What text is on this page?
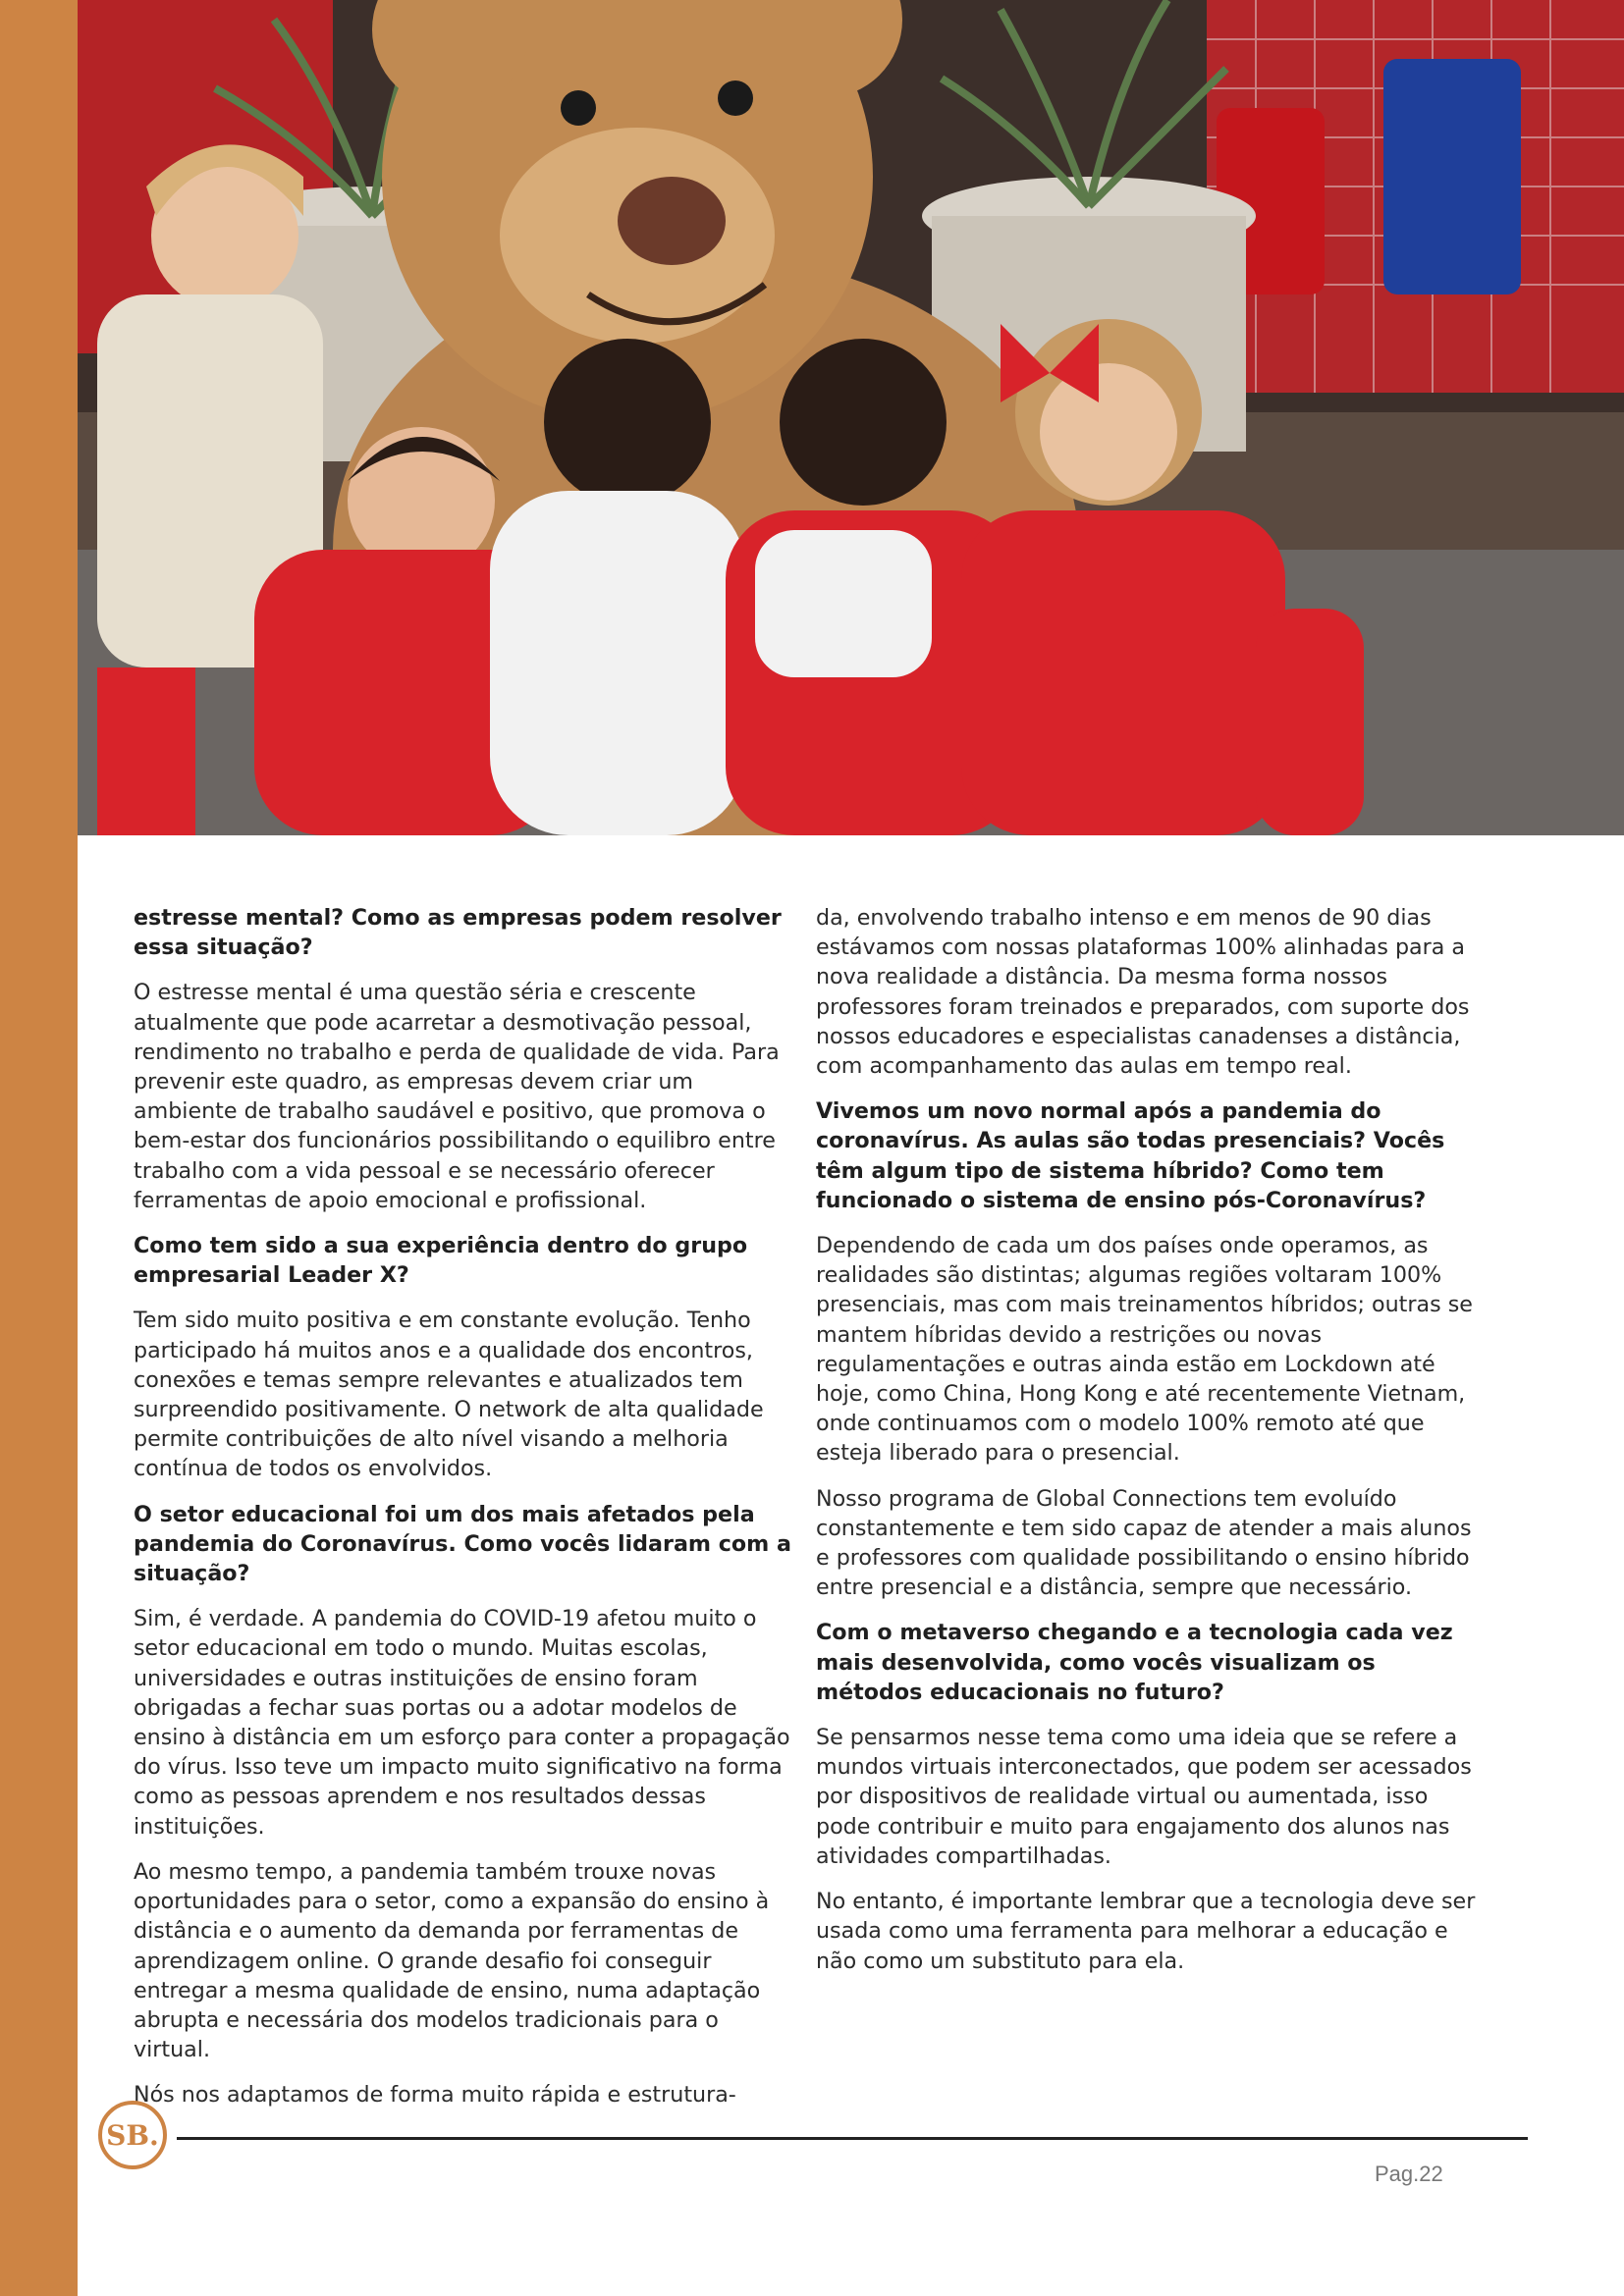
estresse mental? Como as empresas podem resolver essa situação?

O estresse mental é uma questão séria e crescente atualmente que pode acarretar a desmotivação pessoal, rendimento no trabalho e perda de qualidade de vida. Para prevenir este quadro, as empresas devem criar um ambiente de trabalho saudável e positivo, que promova o bem-estar dos funcionários possibilitando o equilibro entre trabalho com a vida pessoal e se necessário oferecer ferramentas de apoio emocional e profissional.

Como tem sido a sua experiência dentro do grupo empresarial Leader X?

Tem sido muito positiva e em constante evolução. Tenho participado há muitos anos e a qualidade dos encontros, conexões e temas sempre relevantes e atualizados tem surpreendido positivamente. O network de alta qualidade permite contribuições de alto nível visando a melhoria contínua de todos os envolvidos.

O setor educacional foi um dos mais afetados pela pandemia do Coronavírus. Como vocês lidaram com a situação?

Sim, é verdade. A pandemia do COVID-19 afetou muito o setor educacional em todo o mundo. Muitas escolas, universidades e outras instituições de ensino foram obrigadas a fechar suas portas ou a adotar modelos de ensino à distância em um esforço para conter a propagação do vírus. Isso teve um impacto muito significativo na forma como as pessoas aprendem e nos resultados dessas instituições.

Ao mesmo tempo, a pandemia também trouxe novas oportunidades para o setor, como a expansão do ensino à distância e o aumento da demanda por ferramentas de aprendizagem online. O grande desafio foi conseguir entregar a mesma qualidade de ensino, numa adaptação abrupta e necessária dos modelos tradicionais para o virtual.

Nós nos adaptamos de forma muito rápida e estrutura-

da, envolvendo trabalho intenso e em menos de 90 dias estávamos com nossas plataformas 100% alinhadas para a nova realidade a distância. Da mesma forma nossos professores foram treinados e preparados, com suporte dos nossos educadores e especialistas canadenses a distância, com acompanhamento das aulas em tempo real.

Vivemos um novo normal após a pandemia do coronavírus. As aulas são todas presenciais? Vocês têm algum tipo de sistema híbrido? Como tem funcionado o sistema de ensino pós-Coronavírus?

Dependendo de cada um dos países onde operamos, as realidades são distintas; algumas regiões voltaram 100% presenciais, mas com mais treinamentos híbridos; outras se mantem híbridas devido a restrições ou novas regulamentações e outras ainda estão em Lockdown até hoje, como China, Hong Kong e até recentemente Vietnam, onde continuamos com o modelo 100% remoto até que esteja liberado para o presencial.

Nosso programa de Global Connections tem evoluído constantemente e tem sido capaz de atender a mais alunos e professores com qualidade possibilitando o ensino híbrido entre presencial e a distância, sempre que necessário.

Com o metaverso chegando e a tecnologia cada vez mais desenvolvida, como vocês visualizam os métodos educacionais no futuro?

Se pensarmos nesse tema como uma ideia que se refere a mundos virtuais interconectados, que podem ser acessados por dispositivos de realidade virtual ou aumentada, isso pode contribuir e muito para engajamento dos alunos nas atividades compartilhadas.

No entanto, é importante lembrar que a tecnologia deve ser usada como uma ferramenta para melhorar a educação e não como um substituto para ela.

SB.
Pag.22
